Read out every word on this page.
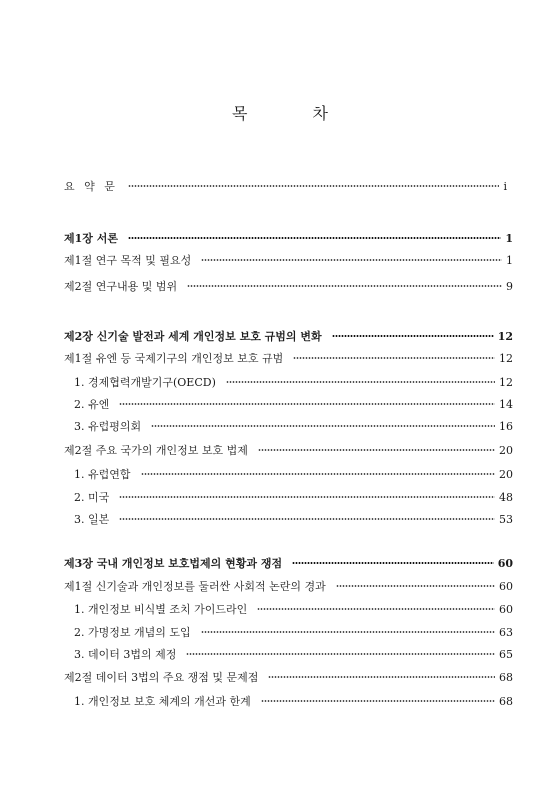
목 차
요 약 문	i
제1장 서론	1
제1절 연구 목적 및 필요성	1
제2절 연구내용 및 범위	9
제2장 신기술 발전과 세계 개인정보 보호 규범의 변화	12
제1절 유엔 등 국제기구의 개인정보 보호 규범	12
1. 경제협력개발기구(OECD)	12
2. 유엔	14
3. 유럽평의회	16
제2절 주요 국가의 개인정보 보호 법제	20
1. 유럽연합	20
2. 미국	48
3. 일본	53
제3장 국내 개인정보 보호법제의 현황과 쟁점	60
제1절 신기술과 개인정보를 둘러싼 사회적 논란의 경과	60
1. 개인정보 비식별 조치 가이드라인	60
2. 가명정보 개념의 도입	63
3. 데이터 3법의 제정	65
제2절 데이터 3법의 주요 쟁점 및 문제점	68
1. 개인정보 보호 체계의 개선과 한계	68
